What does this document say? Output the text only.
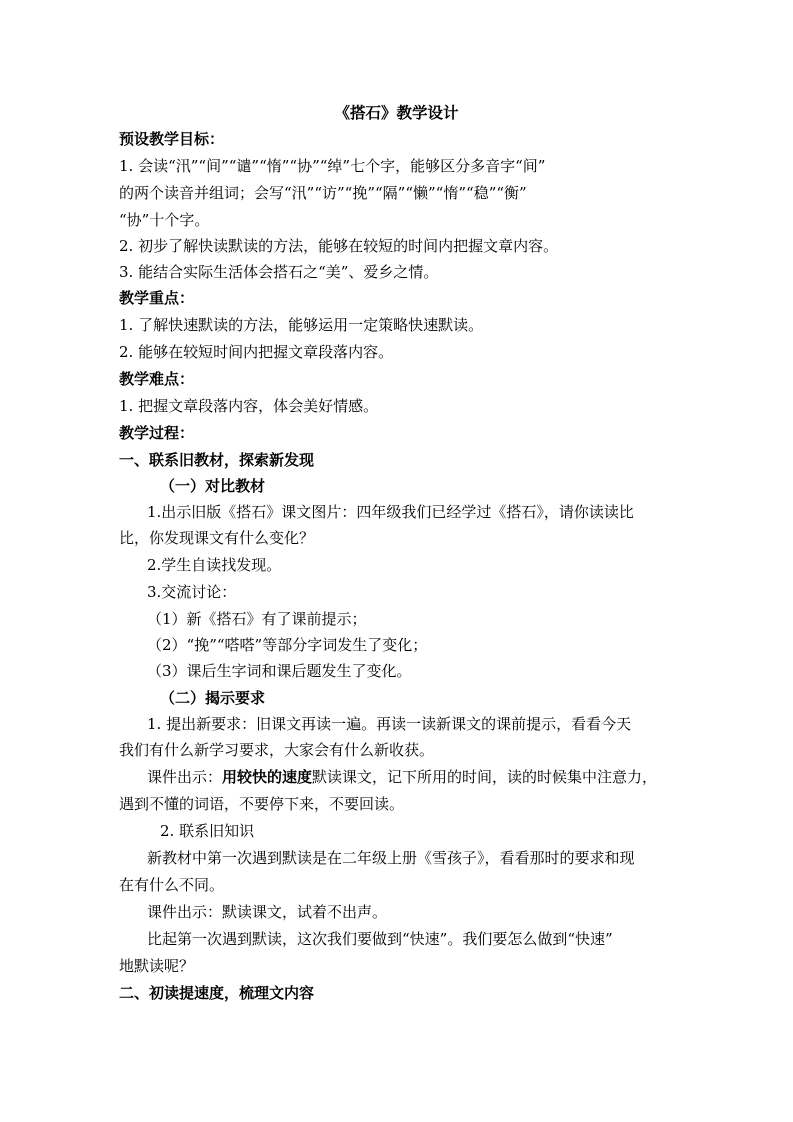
《搭石》教学设计
预设教学目标：
1. 会读“汛”“间”“谴”“惰”“协”“绰”七个字，能够区分多音字“间”
的两个读音并组词；会写“汛”“访”“挽”“隔”“懒”“惰”“稳”“衡”
“协”十个字。
2. 初步了解快读默读的方法，能够在较短的时间内把握文章内容。
3. 能结合实际生活体会搭石之“美”、爱乡之情。
教学重点：
1. 了解快速默读的方法，能够运用一定策略快速默读。
2. 能够在较短时间内把握文章段落内容。
教学难点：
1. 把握文章段落内容，体会美好情感。
教学过程：
一、联系旧教材，探索新发现
（一）对比教材
1.出示旧版《搭石》课文图片：四年级我们已经学过《搭石》，请你读读比
比，你发现课文有什么变化？
2.学生自读找发现。
3.交流讨论：
（1）新《搭石》有了课前提示；
（2）“挽”“嗒嗒”等部分字词发生了变化；
（3）课后生字词和课后题发生了变化。
（二）揭示要求
1. 提出新要求：旧课文再读一遍。再读一读新课文的课前提示，看看今天
我们有什么新学习要求，大家会有什么新收获。
课件出示：用较快的速度默读课文，记下所用的时间，读的时候集中注意力，
遇到不懂的词语，不要停下来，不要回读。
2. 联系旧知识
新教材中第一次遇到默读是在二年级上册《雪孩子》，看看那时的要求和现
在有什么不同。
课件出示：默读课文，试着不出声。
比起第一次遇到默读，这次我们要做到“快速”。我们要怎么做到“快速”
地默读呢？
二、初读提速度，梳理文内容
